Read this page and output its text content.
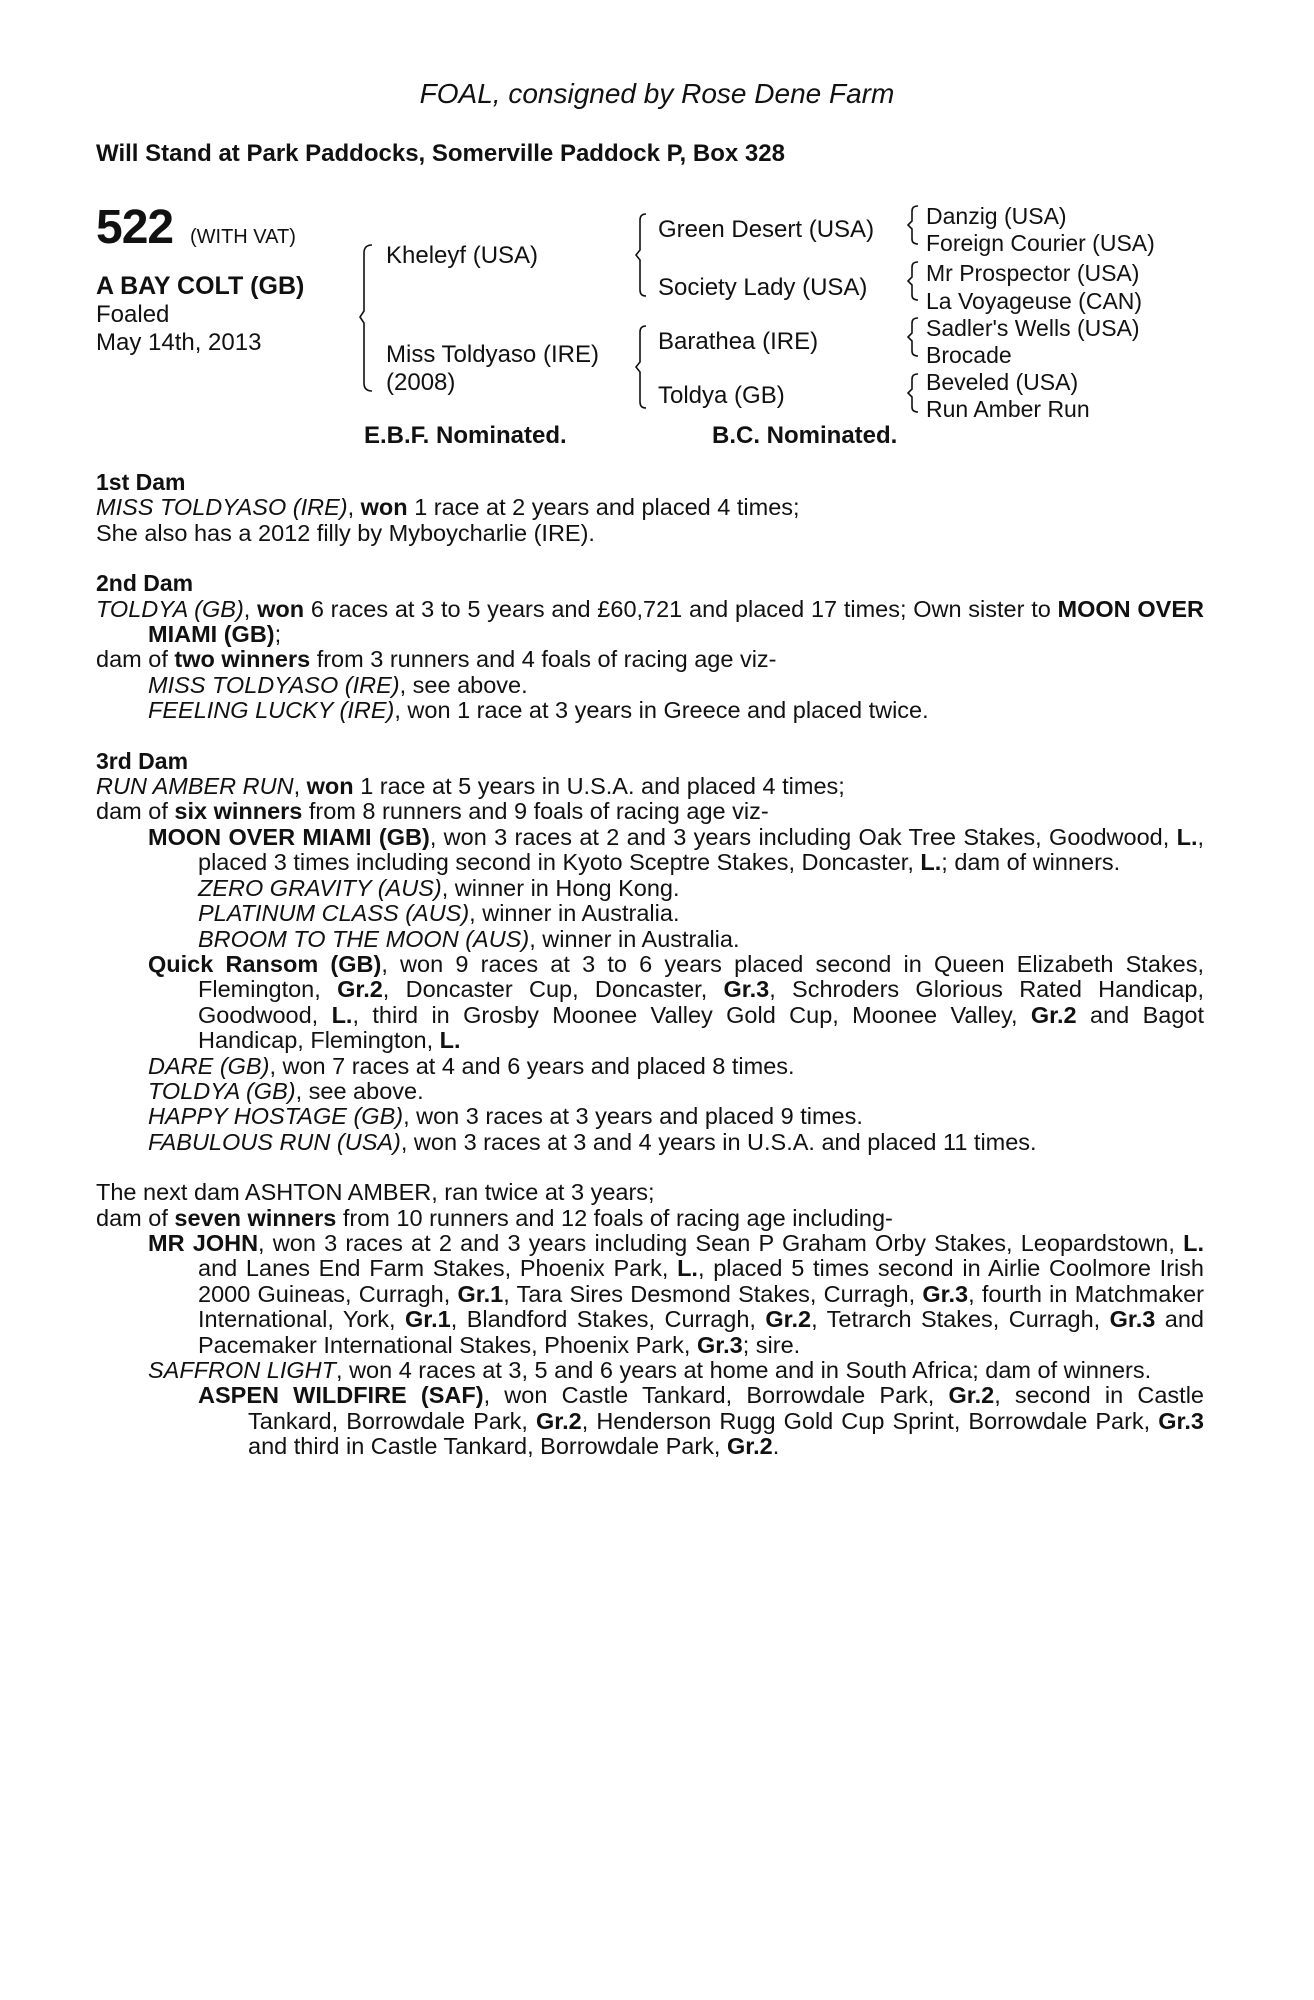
FOAL, consigned by Rose Dene Farm
Will Stand at Park Paddocks, Somerville Paddock P, Box 328
522 (WITH VAT)
A BAY COLT (GB)
Foaled
May 14th, 2013
Kheleyf (USA)
Miss Toldyaso (IRE)
(2008)
Green Desert (USA)
Society Lady (USA)
Barathea (IRE)
Toldya (GB)
Danzig (USA)
Foreign Courier (USA)
Mr Prospector (USA)
La Voyageuse (CAN)
Sadler's Wells (USA)
Brocade
Beveled (USA)
Run Amber Run
E.B.F. Nominated.	B.C. Nominated.
1st Dam
MISS TOLDYASO (IRE), won 1 race at 2 years and placed 4 times;
She also has a 2012 filly by Myboycharlie (IRE).
2nd Dam
TOLDYA (GB), won 6 races at 3 to 5 years and £60,721 and placed 17 times; Own sister to MOON OVER MIAMI (GB);
dam of two winners from 3 runners and 4 foals of racing age viz-
MISS TOLDYASO (IRE), see above.
FEELING LUCKY (IRE), won 1 race at 3 years in Greece and placed twice.
3rd Dam
RUN AMBER RUN, won 1 race at 5 years in U.S.A. and placed 4 times;
dam of six winners from 8 runners and 9 foals of racing age viz-
MOON OVER MIAMI (GB), won 3 races at 2 and 3 years including Oak Tree Stakes, Goodwood, L., placed 3 times including second in Kyoto Sceptre Stakes, Doncaster, L.; dam of winners.
ZERO GRAVITY (AUS), winner in Hong Kong.
PLATINUM CLASS (AUS), winner in Australia.
BROOM TO THE MOON (AUS), winner in Australia.
Quick Ransom (GB), won 9 races at 3 to 6 years placed second in Queen Elizabeth Stakes, Flemington, Gr.2, Doncaster Cup, Doncaster, Gr.3, Schroders Glorious Rated Handicap, Goodwood, L., third in Grosby Moonee Valley Gold Cup, Moonee Valley, Gr.2 and Bagot Handicap, Flemington, L.
DARE (GB), won 7 races at 4 and 6 years and placed 8 times.
TOLDYA (GB), see above.
HAPPY HOSTAGE (GB), won 3 races at 3 years and placed 9 times.
FABULOUS RUN (USA), won 3 races at 3 and 4 years in U.S.A. and placed 11 times.
The next dam ASHTON AMBER, ran twice at 3 years;
dam of seven winners from 10 runners and 12 foals of racing age including-
MR JOHN, won 3 races at 2 and 3 years including Sean P Graham Orby Stakes, Leopardstown, L. and Lanes End Farm Stakes, Phoenix Park, L., placed 5 times second in Airlie Coolmore Irish 2000 Guineas, Curragh, Gr.1, Tara Sires Desmond Stakes, Curragh, Gr.3, fourth in Matchmaker International, York, Gr.1, Blandford Stakes, Curragh, Gr.2, Tetrarch Stakes, Curragh, Gr.3 and Pacemaker International Stakes, Phoenix Park, Gr.3; sire.
SAFFRON LIGHT, won 4 races at 3, 5 and 6 years at home and in South Africa; dam of winners.
ASPEN WILDFIRE (SAF), won Castle Tankard, Borrowdale Park, Gr.2, second in Castle Tankard, Borrowdale Park, Gr.2, Henderson Rugg Gold Cup Sprint, Borrowdale Park, Gr.3 and third in Castle Tankard, Borrowdale Park, Gr.2.
